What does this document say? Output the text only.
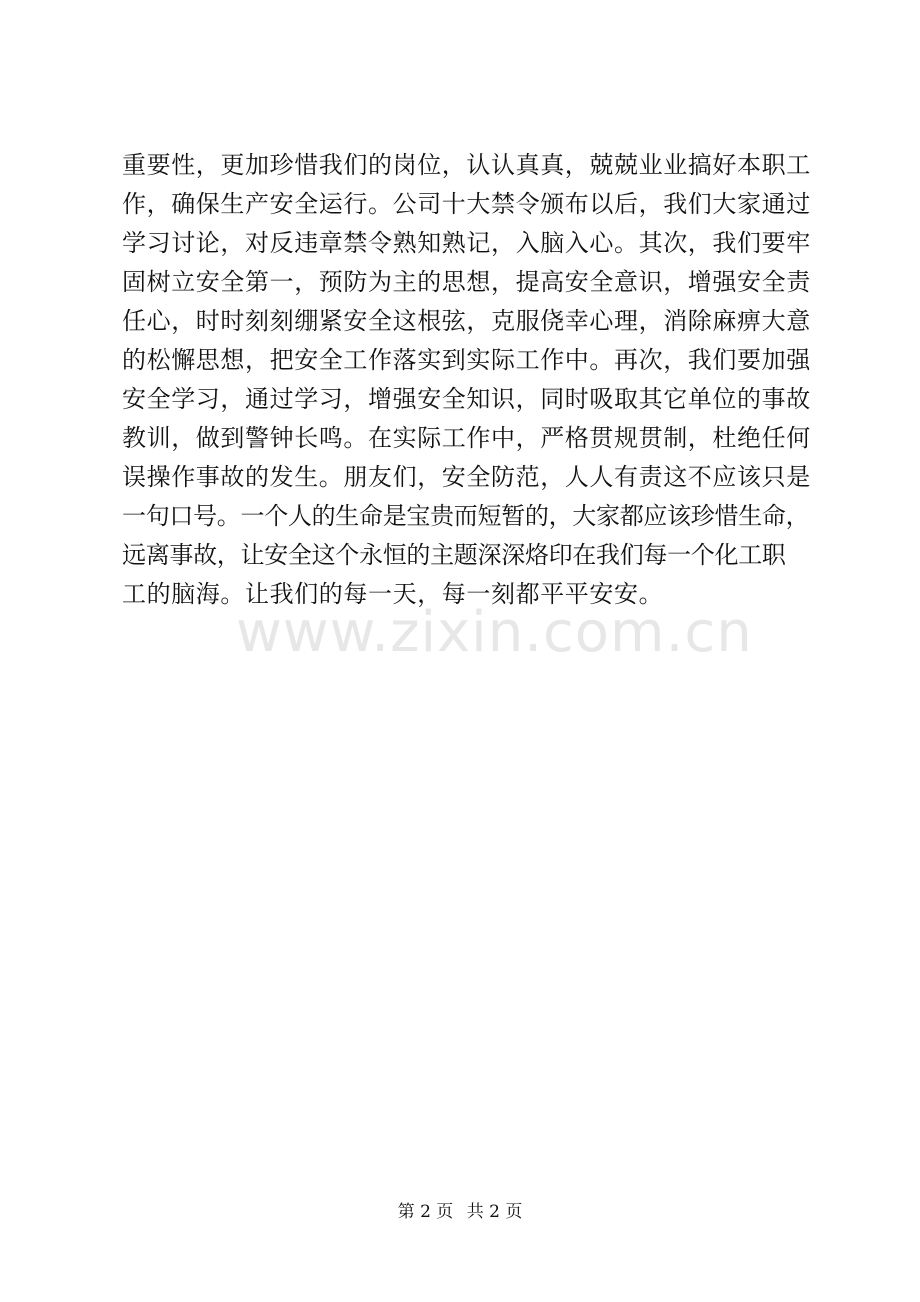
重要性，更加珍惜我们的岗位，认认真真，兢兢业业搞好本职工
作，确保生产安全运行。公司十大禁令颁布以后，我们大家通过
学习讨论，对反违章禁令熟知熟记，入脑入心。其次，我们要牢
固树立安全第一，预防为主的思想，提高安全意识，增强安全责
任心，时时刻刻绷紧安全这根弦，克服侥幸心理，消除麻痹大意
的松懈思想，把安全工作落实到实际工作中。再次，我们要加强
安全学习，通过学习，增强安全知识，同时吸取其它单位的事故
教训，做到警钟长鸣。在实际工作中，严格贯规贯制，杜绝任何
误操作事故的发生。朋友们，安全防范，人人有责这不应该只是
一句口号。一个人的生命是宝贵而短暂的，大家都应该珍惜生命，
远离事故，让安全这个永恒的主题深深烙印在我们每一个化工职
工的脑海。让我们的每一天，每一刻都平平安安。
www.zixin.com.cn
第 2 页 共 2 页
